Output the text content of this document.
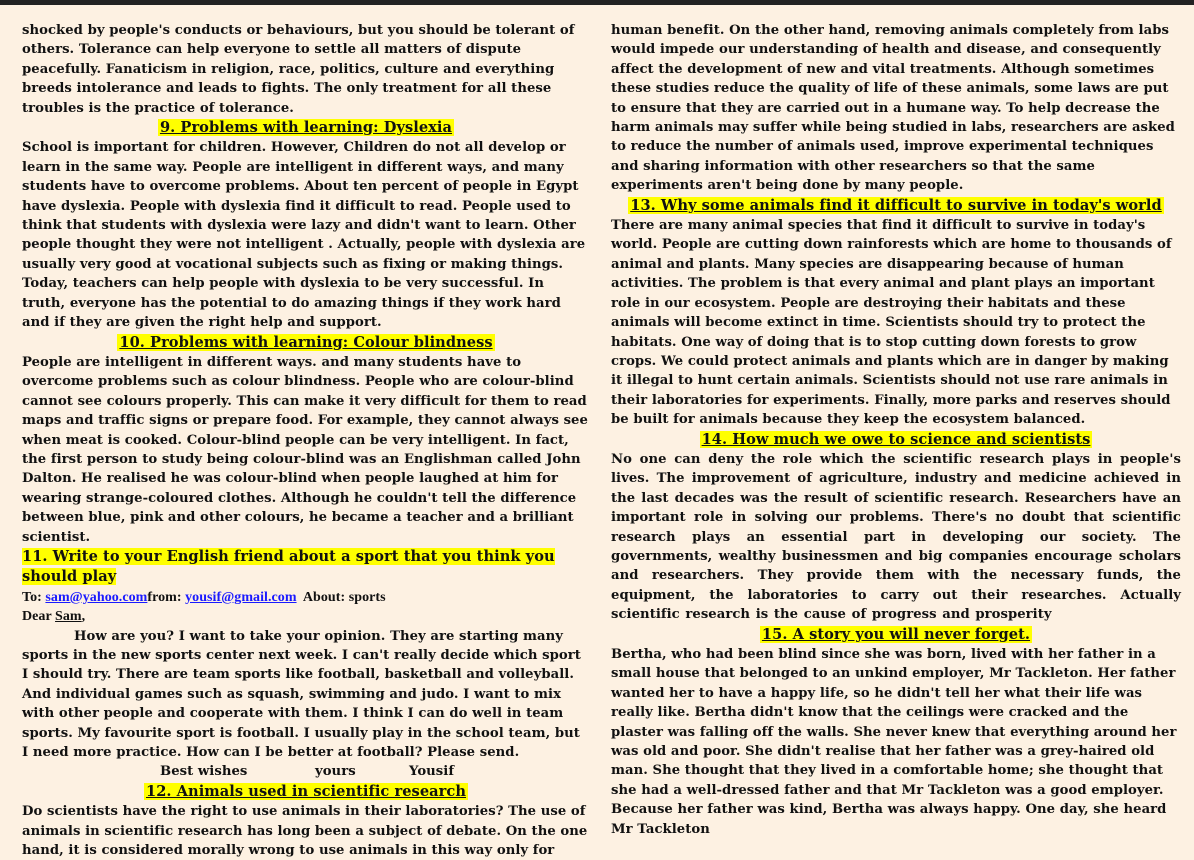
shocked by people's conducts or behaviours, but you should be tolerant of others. Tolerance can help everyone to settle all matters of dispute peacefully. Fanaticism in religion, race, politics, culture and everything breeds intolerance and leads to fights. The only treatment for all these troubles is the practice of tolerance.

9. Problems with learning: Dyslexia

School is important for children. However, Children do not all develop or learn in the same way. People are intelligent in different ways, and many students have to overcome problems. About ten percent of people in Egypt have dyslexia. People with dyslexia find it difficult to read. People used to think that students with dyslexia were lazy and didn't want to learn. Other people thought they were not intelligent . Actually, people with dyslexia are usually very good at vocational subjects such as fixing or making things. Today, teachers can help people with dyslexia to be very successful. In truth, everyone has the potential to do amazing things if they work hard and if they are given the right help and support.

10. Problems with learning: Colour blindness

People are intelligent in different ways. and many students have to overcome problems such as colour blindness. People who are colour-blind cannot see colours properly. This can make it very difficult for them to read maps and traffic signs or prepare food. For example, they cannot always see when meat is cooked. Colour-blind people can be very intelligent. In fact, the first person to study being colour-blind was an Englishman called John Dalton. He realised he was colour-blind when people laughed at him for wearing strange-coloured clothes. Although he couldn't tell the difference between blue, pink and other colours, he became a teacher and a brilliant scientist.

11. Write to your English friend about a sport that you think you should play

To: sam@yahoo.comfrom: yousif@gmail.com  About: sports

Dear Sam,

How are you? I want to take your opinion. They are starting many sports in the new sports center next week. I can't really decide which sport I should try. There are team sports like football, basketball and volleyball. And individual games such as squash, swimming and judo. I want to mix with other people and cooperate with them. I think I can do well in team sports. My favourite sport is football. I usually play in the school team, but I need more practice. How can I be better at football? Please send.

Best wishes	yours	Yousif

12. Animals used in scientific research

Do scientists have the right to use animals in their laboratories? The use of animals in scientific research has long been a subject of debate. On the one hand, it is considered morally wrong to use animals in this way only for

human benefit. On the other hand, removing animals completely from labs would impede our understanding of health and disease, and consequently affect the development of new and vital treatments. Although sometimes these studies reduce the quality of life of these animals, some laws are put to ensure that they are carried out in a humane way. To help decrease the harm animals may suffer while being studied in labs, researchers are asked to reduce the number of animals used, improve experimental techniques and sharing information with other researchers so that the same experiments aren't being done by many people.

13. Why some animals find it difficult to survive in today's world

There are many animal species that find it difficult to survive in today's world. People are cutting down rainforests which are home to thousands of animal and plants. Many species are disappearing because of human activities. The problem is that every animal and plant plays an important role in our ecosystem. People are destroying their habitats and these animals will become extinct in time. Scientists should try to protect the habitats. One way of doing that is to stop cutting down forests to grow crops. We could protect animals and plants which are in danger by making it illegal to hunt certain animals. Scientists should not use rare animals in their laboratories for experiments. Finally, more parks and reserves should be built for animals because they keep the ecosystem balanced.

14. How much we owe to science and scientists

No one can deny the role which the scientific research plays in people's lives. The improvement of agriculture, industry and medicine achieved in the last decades was the result of scientific research. Researchers have an important role in solving our problems. There's no doubt that scientific research plays an essential part in developing our society. The governments, wealthy businessmen and big companies encourage scholars and researchers. They provide them with the necessary funds, the equipment, the laboratories to carry out their researches. Actually scientific research is the cause of progress and prosperity

15. A story you will never forget.

Bertha, who had been blind since she was born, lived with her father in a small house that belonged to an unkind employer, Mr Tackleton. Her father wanted her to have a happy life, so he didn't tell her what their life was really like. Bertha didn't know that the ceilings were cracked and the plaster was falling off the walls. She never knew that everything around her was old and poor. She didn't realise that her father was a grey-haired old man. She thought that they lived in a comfortable home; she thought that she had a well-dressed father and that Mr Tackleton was a good employer. Because her father was kind, Bertha was always happy. One day, she heard Mr Tackleton
